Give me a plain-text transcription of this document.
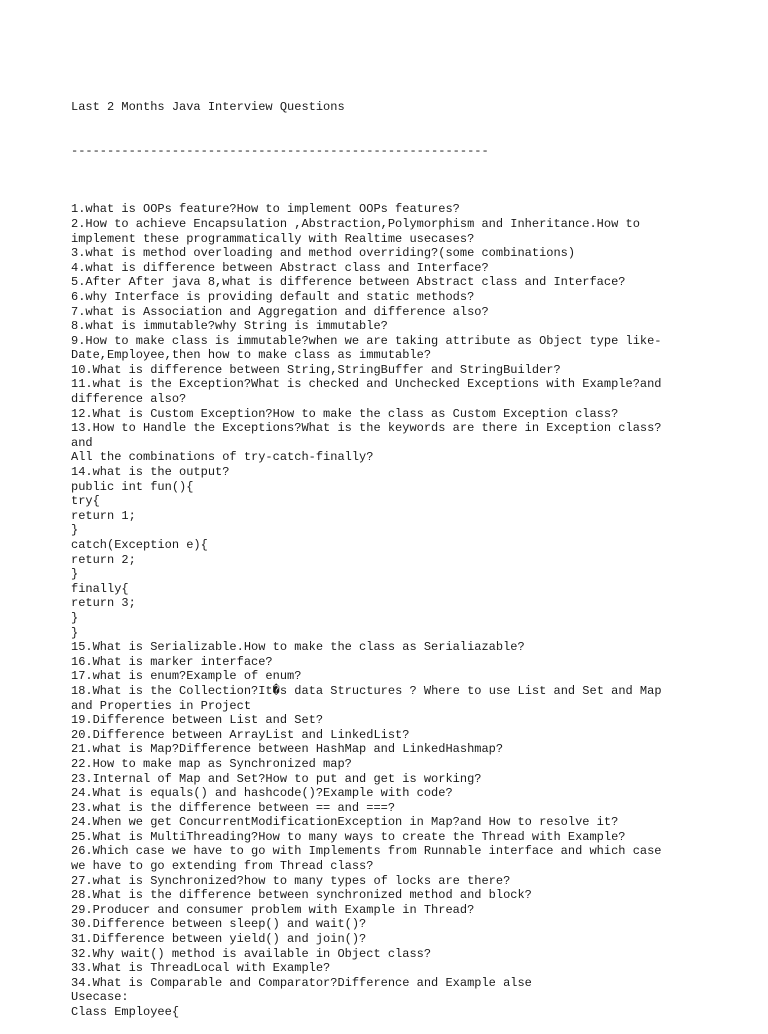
Last 2 Months Java Interview Questions

----------------------------------------------------------

1.what is OOPs feature?How to implement OOPs features?
2.How to achieve Encapsulation ,Abstraction,Polymorphism and Inheritance.How to
implement these programmatically with Realtime usecases?
3.what is method overloading and method overriding?(some combinations)
4.what is difference between Abstract class and Interface?
5.After After java 8,what is difference between Abstract class and Interface?
6.why Interface is providing default and static methods?
7.what is Association and Aggregation and difference also?
8.what is immutable?why String is immutable?
9.How to make class is immutable?when we are taking attribute as Object type like-
Date,Employee,then how to make class as immutable?
10.What is difference between String,StringBuffer and StringBuilder?
11.what is the Exception?What is checked and Unchecked Exceptions with Example?and
difference also?
12.What is Custom Exception?How to make the class as Custom Exception class?
13.How to Handle the Exceptions?What is the keywords are there in Exception class?
and
All the combinations of try-catch-finally?
14.what is the output?
public int fun(){
try{
return 1;
}
catch(Exception e){
return 2;
}
finally{
return 3;
}
}
15.What is Serializable.How to make the class as Serialiazable?
16.What is marker interface?
17.what is enum?Example of enum?
18.What is the Collection?It�s data Structures ? Where to use List and Set and Map
and Properties in Project
19.Difference between List and Set?
20.Difference between ArrayList and LinkedList?
21.what is Map?Difference between HashMap and LinkedHashmap?
22.How to make map as Synchronized map?
23.Internal of Map and Set?How to put and get is working?
24.What is equals() and hashcode()?Example with code?
23.what is the difference between == and ===?
24.When we get ConcurrentModificationException in Map?and How to resolve it?
25.What is MultiThreading?How to many ways to create the Thread with Example?
26.Which case we have to go with Implements from Runnable interface and which case
we have to go extending from Thread class?
27.what is Synchronized?how to many types of locks are there?
28.What is the difference between synchronized method and block?
29.Producer and consumer problem with Example in Thread?
30.Difference between sleep() and wait()?
31.Difference between yield() and join()?
32.Why wait() method is available in Object class?
33.What is ThreadLocal with Example?
34.What is Comparable and Comparator?Difference and Example alse
Usecase:
Class Employee{
